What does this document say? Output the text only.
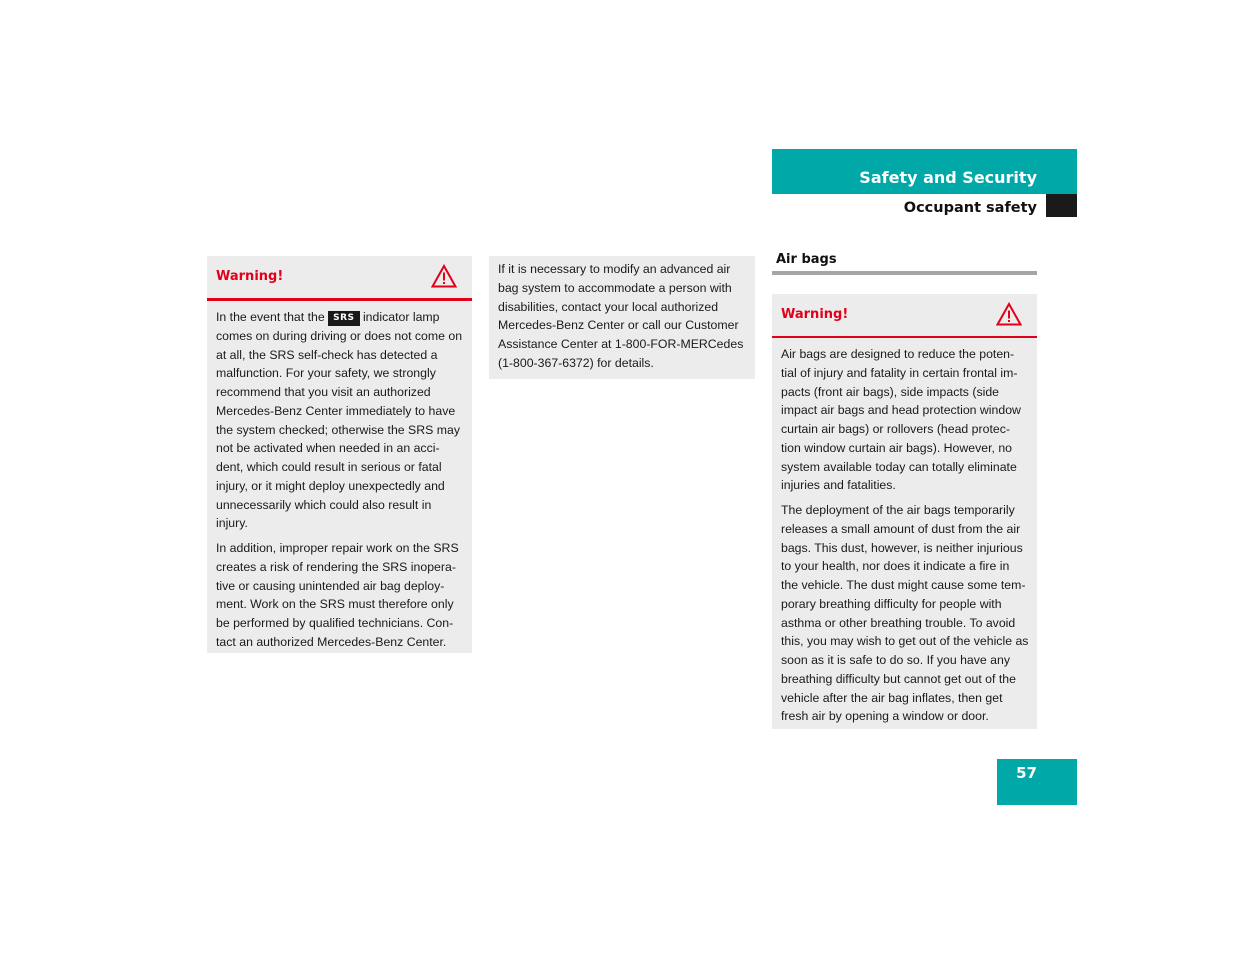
Safety and Security
Occupant safety
Warning!

In the event that the SRS indicator lamp comes on during driving or does not come on at all, the SRS self-check has detected a malfunction. For your safety, we strongly recommend that you visit an authorized Mercedes-Benz Center immediately to have the system checked; otherwise the SRS may not be activated when needed in an acci-dent, which could result in serious or fatal injury, or it might deploy unexpectedly and unnecessarily which could also result in injury.

In addition, improper repair work on the SRS creates a risk of rendering the SRS inopera-tive or causing unintended air bag deploy-ment. Work on the SRS must therefore only be performed by qualified technicians. Con-tact an authorized Mercedes-Benz Center.

If it is necessary to modify an advanced air bag system to accommodate a person with disabilities, contact your local authorized Mercedes-Benz Center or call our Customer Assistance Center at 1-800-FOR-MERCedes (1-800-367-6372) for details.

Air bags
Warning!

Air bags are designed to reduce the poten-tial of injury and fatality in certain frontal im-pacts (front air bags), side impacts (side impact air bags and head protection window curtain air bags) or rollovers (head protec-tion window curtain air bags). However, no system available today can totally eliminate injuries and fatalities.

The deployment of the air bags temporarily releases a small amount of dust from the air bags. This dust, however, is neither injurious to your health, nor does it indicate a fire in the vehicle. The dust might cause some tem-porary breathing difficulty for people with asthma or other breathing trouble. To avoid this, you may wish to get out of the vehicle as soon as it is safe to do so. If you have any breathing difficulty but cannot get out of the vehicle after the air bag inflates, then get fresh air by opening a window or door.

57
